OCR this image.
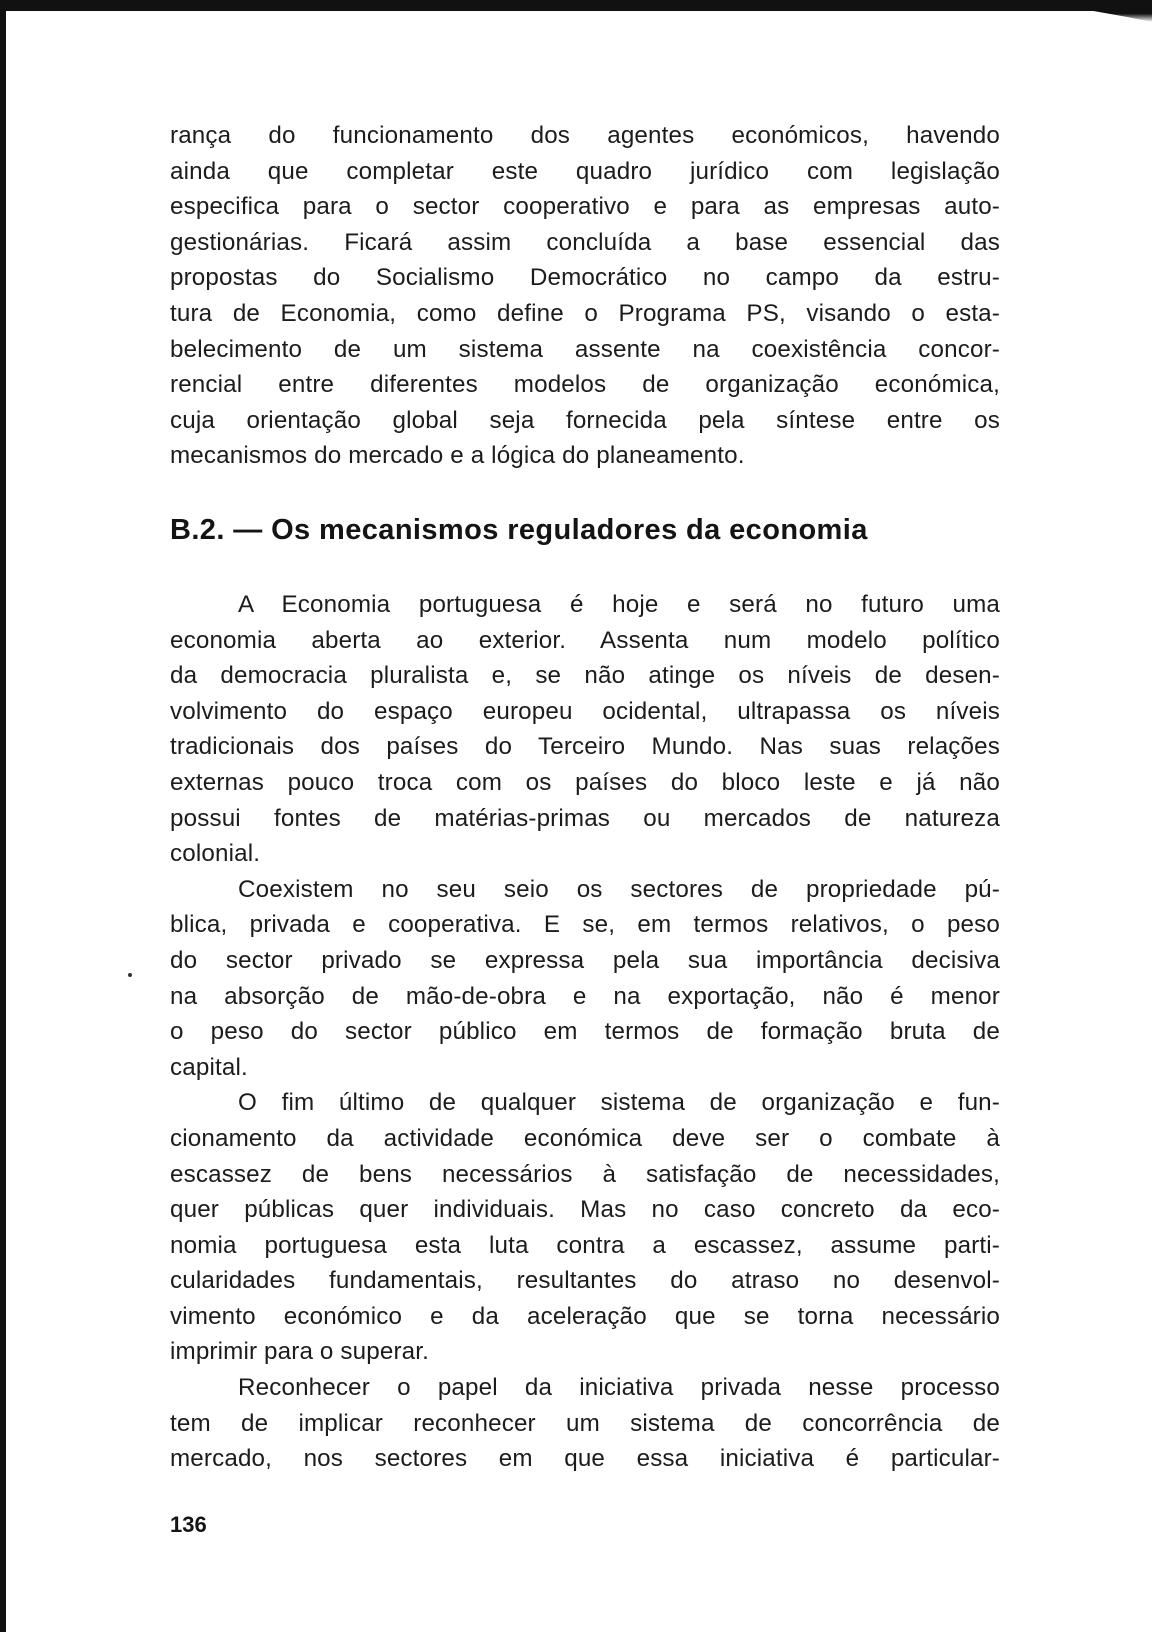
rança do funcionamento dos agentes económicos, havendo
ainda que completar este quadro jurídico com legislação
especifica para o sector cooperativo e para as empresas auto-
gestionárias. Ficará assim concluída a base essencial das
propostas do Socialismo Democrático no campo da estru-
tura de Economia, como define o Programa PS, visando o esta-
belecimento de um sistema assente na coexistência concor-
rencial entre diferentes modelos de organização económica,
cuja orientação global seja fornecida pela síntese entre os
mecanismos do mercado e a lógica do planeamento.
B.2. — Os mecanismos reguladores da economia
A Economia portuguesa é hoje e será no futuro uma
economia aberta ao exterior. Assenta num modelo político
da democracia pluralista e, se não atinge os níveis de desen-
volvimento do espaço europeu ocidental, ultrapassa os níveis
tradicionais dos países do Terceiro Mundo. Nas suas relações
externas pouco troca com os países do bloco leste e já não
possui fontes de matérias-primas ou mercados de natureza
colonial.
Coexistem no seu seio os sectores de propriedade pú-
blica, privada e cooperativa. E se, em termos relativos, o peso
do sector privado se expressa pela sua importância decisiva
na absorção de mão-de-obra e na exportação, não é menor
o peso do sector público em termos de formação bruta de
capital.
O fim último de qualquer sistema de organização e fun-
cionamento da actividade económica deve ser o combate à
escassez de bens necessários à satisfação de necessidades,
quer públicas quer individuais. Mas no caso concreto da eco-
nomia portuguesa esta luta contra a escassez, assume parti-
cularidades fundamentais, resultantes do atraso no desenvol-
vimento económico e da aceleração que se torna necessário
imprimir para o superar.
Reconhecer o papel da iniciativa privada nesse processo
tem de implicar reconhecer um sistema de concorrência de
mercado, nos sectores em que essa iniciativa é particular-
136
